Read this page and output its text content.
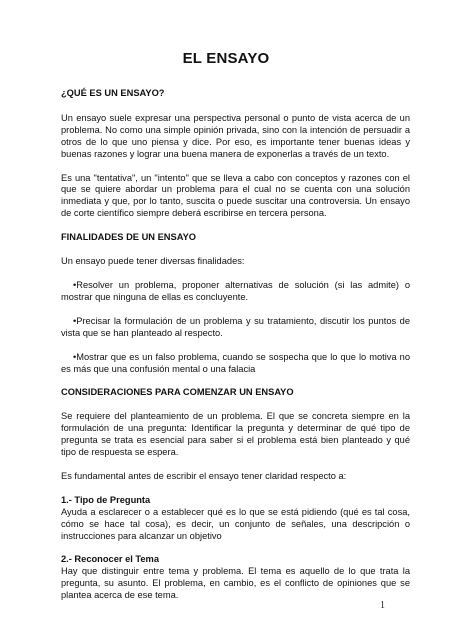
EL ENSAYO

¿QUÉ ES UN ENSAYO?

Un ensayo suele expresar una perspectiva personal o punto de vista acerca de un problema. No como una simple opinión privada, sino con la intención de persuadir a otros de lo que uno piensa y dice. Por eso, es importante tener buenas ideas y buenas razones y lograr una buena manera de exponerlas a través de un texto.

Es una "tentativa", un "intento" que se lleva a cabo con conceptos y razones con el que se quiere abordar un problema para el cual no se cuenta con una solución inmediata y que, por lo tanto, suscita o puede suscitar una controversia. Un ensayo de corte científico siempre deberá escribirse en tercera persona.

FINALIDADES DE UN ENSAYO

Un ensayo puede tener diversas finalidades:

•Resolver un problema, proponer alternativas de solución (si las admite) o mostrar que ninguna de ellas es concluyente.

•Precisar la formulación de un problema y su tratamiento, discutir los puntos de vista que se han planteado al respecto.

•Mostrar que es un falso problema, cuando se sospecha que lo que lo motiva no es más que una confusión mental o una falacia

CONSIDERACIONES PARA COMENZAR UN ENSAYO

Se requiere del planteamiento de un problema. El que se concreta siempre en la formulación de una pregunta: Identificar la pregunta y determinar de qué tipo de pregunta se trata es esencial para saber si el problema está bien planteado y qué tipo de respuesta se espera.

Es fundamental antes de escribir el ensayo tener claridad respecto a:

1.- Tipo de Pregunta

Ayuda a esclarecer o a establecer qué es lo que se está pidiendo (qué es tal cosa, cómo se hace tal cosa), es decir, un conjunto de señales, una descripción o instrucciones para alcanzar un objetivo

2.- Reconocer el Tema

Hay que distinguir entre tema y problema. El tema es aquello de lo que trata la pregunta, su asunto. El problema, en cambio, es el conflicto de opiniones que se plantea acerca de ese tema.

1
